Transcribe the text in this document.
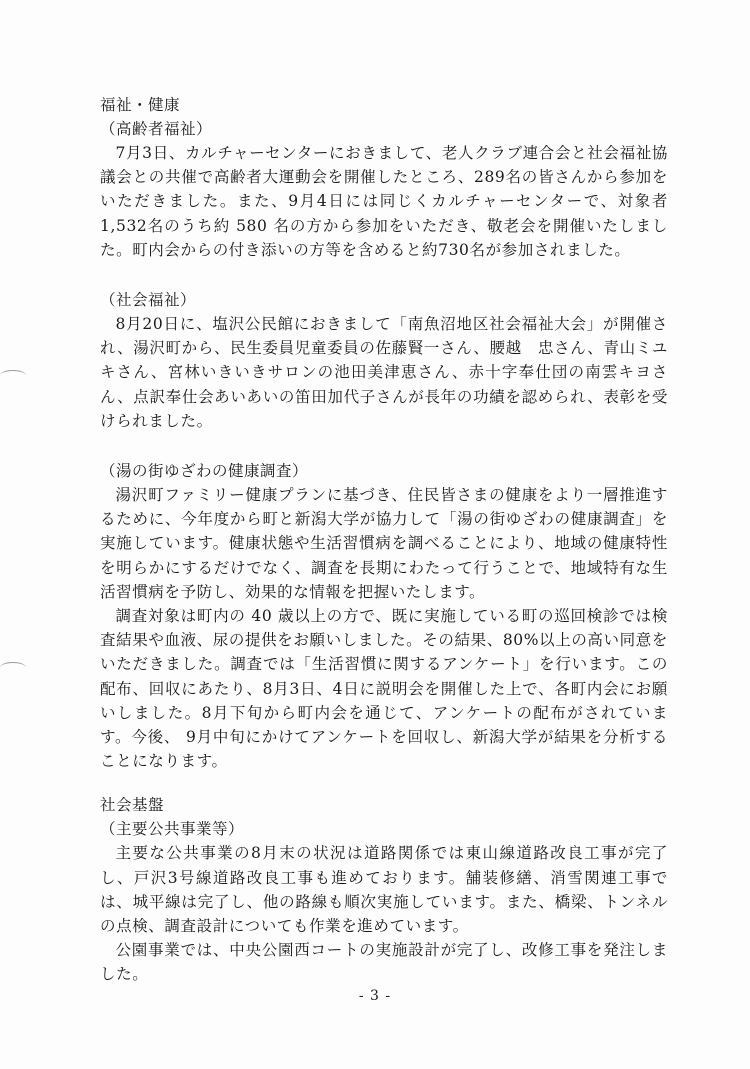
福祉・健康

（高齢者福祉）

7月3日、カルチャーセンターにおきまして、老人クラブ連合会と社会福祉協議会との共催で高齢者大運動会を開催したところ、289名の皆さんから参加をいただきました。また、9月4日には同じくカルチャーセンターで、対象者1,532名のうち約 580 名の方から参加をいただき、敬老会を開催いたしました。町内会からの付き添いの方等を含めると約730名が参加されました。

（社会福祉）

8月20日に、塩沢公民館におきまして「南魚沼地区社会福祉大会」が開催され、湯沢町から、民生委員児童委員の佐藤賢一さん、腰越　忠さん、青山ミユキさん、宮林いきいきサロンの池田美津恵さん、赤十字奉仕団の南雲キヨさん、点訳奉仕会あいあいの笛田加代子さんが長年の功績を認められ、表彰を受けられました。

（湯の街ゆざわの健康調査）

湯沢町ファミリー健康プランに基づき、住民皆さまの健康をより一層推進するために、今年度から町と新潟大学が協力して「湯の街ゆざわの健康調査」を実施しています。健康状態や生活習慣病を調べることにより、地域の健康特性を明らかにするだけでなく、調査を長期にわたって行うことで、地域特有な生活習慣病を予防し、効果的な情報を把握いたします。

調査対象は町内の 40 歳以上の方で、既に実施している町の巡回検診では検査結果や血液、尿の提供をお願いしました。その結果、80%以上の高い同意をいただきました。調査では「生活習慣に関するアンケート」を行います。この配布、回収にあたり、8月3日、4日に説明会を開催した上で、各町内会にお願いしました。8月下旬から町内会を通じて、アンケートの配布がされています。今後、 9月中旬にかけてアンケートを回収し、新潟大学が結果を分析することになります。

社会基盤

（主要公共事業等）

主要な公共事業の8月末の状況は道路関係では東山線道路改良工事が完了し、戸沢3号線道路改良工事も進めております。舗装修繕、消雪関連工事では、城平線は完了し、他の路線も順次実施しています。また、橋梁、トンネルの点検、調査設計についても作業を進めています。

公園事業では、中央公園西コートの実施設計が完了し、改修工事を発注しました。

- 3 -
